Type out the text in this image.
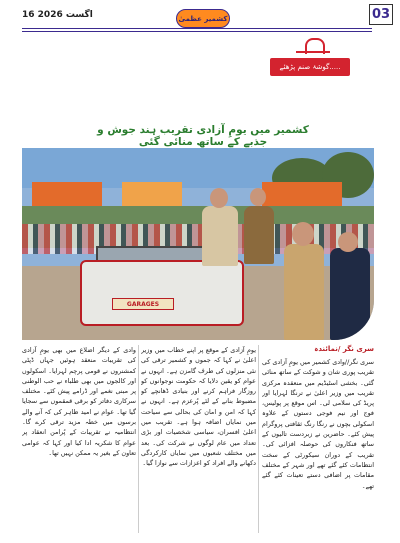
16 اگست 2026	کشمیر عظمیٰ	03
گوشۂ صنم پڑھئے.....
کشمیر میں یومِ آزادی تقریب ہند جوش و جذبے کے ساتھ منائی گئی
GARAGES
سری نگر /نمائندہ
سری نگر//وادی کشمیر میں یومِ آزادی کی تقریب پوری شان و شوکت کے ساتھ منائی گئی۔ بخشی اسٹیڈیم میں منعقدہ مرکزی تقریب میں وزیر اعلیٰ نے ترنگا لہرایا اور پریڈ کی سلامی لی۔ اس موقع پر پولیس، فوج اور نیم فوجی دستوں کے علاوہ اسکولی بچوں نے رنگا رنگ ثقافتی پروگرام پیش کئے۔ حاضرین نے زبردست تالیوں کے ساتھ فنکاروں کی حوصلہ افزائی کی۔ تقریب کے دوران سیکورٹی کے سخت انتظامات کئے گئے تھے اور شہر کے مختلف مقامات پر اضافی دستے تعینات کئے گئے تھے۔
یومِ آزادی کے موقع پر اپنے خطاب میں وزیر اعلیٰ نے کہا کہ جموں و کشمیر ترقی کی نئی منزلوں کی طرف گامزن ہے۔ انہوں نے عوام کو یقین دلایا کہ حکومت نوجوانوں کو روزگار فراہم کرنے اور بنیادی ڈھانچے کو مضبوط بنانے کے لئے پُرعزم ہے۔ انہوں نے کہا کہ امن و امان کی بحالی سے سیاحت میں نمایاں اضافہ ہوا ہے۔ تقریب میں اعلیٰ افسران، سیاسی شخصیات اور بڑی تعداد میں عام لوگوں نے شرکت کی۔ بعد میں مختلف شعبوں میں نمایاں کارکردگی دکھانے والے افراد کو اعزازات سے نوازا گیا۔
وادی کے دیگر اضلاع میں بھی یومِ آزادی کی تقریبات منعقد ہوئیں جہاں ڈپٹی کمشنروں نے قومی پرچم لہرایا۔ اسکولوں اور کالجوں میں بھی طلباء نے حب الوطنی پر مبنی نغمے اور ڈرامے پیش کئے۔ مختلف سرکاری دفاتر کو برقی قمقموں سے سجایا گیا تھا۔ عوام نے امید ظاہر کی کہ آنے والے برسوں میں خطہ مزید ترقی کرے گا۔ انتظامیہ نے تقریبات کے پُرامن انعقاد پر عوام کا شکریہ ادا کیا اور کہا کہ عوامی تعاون کے بغیر یہ ممکن نہیں تھا۔
